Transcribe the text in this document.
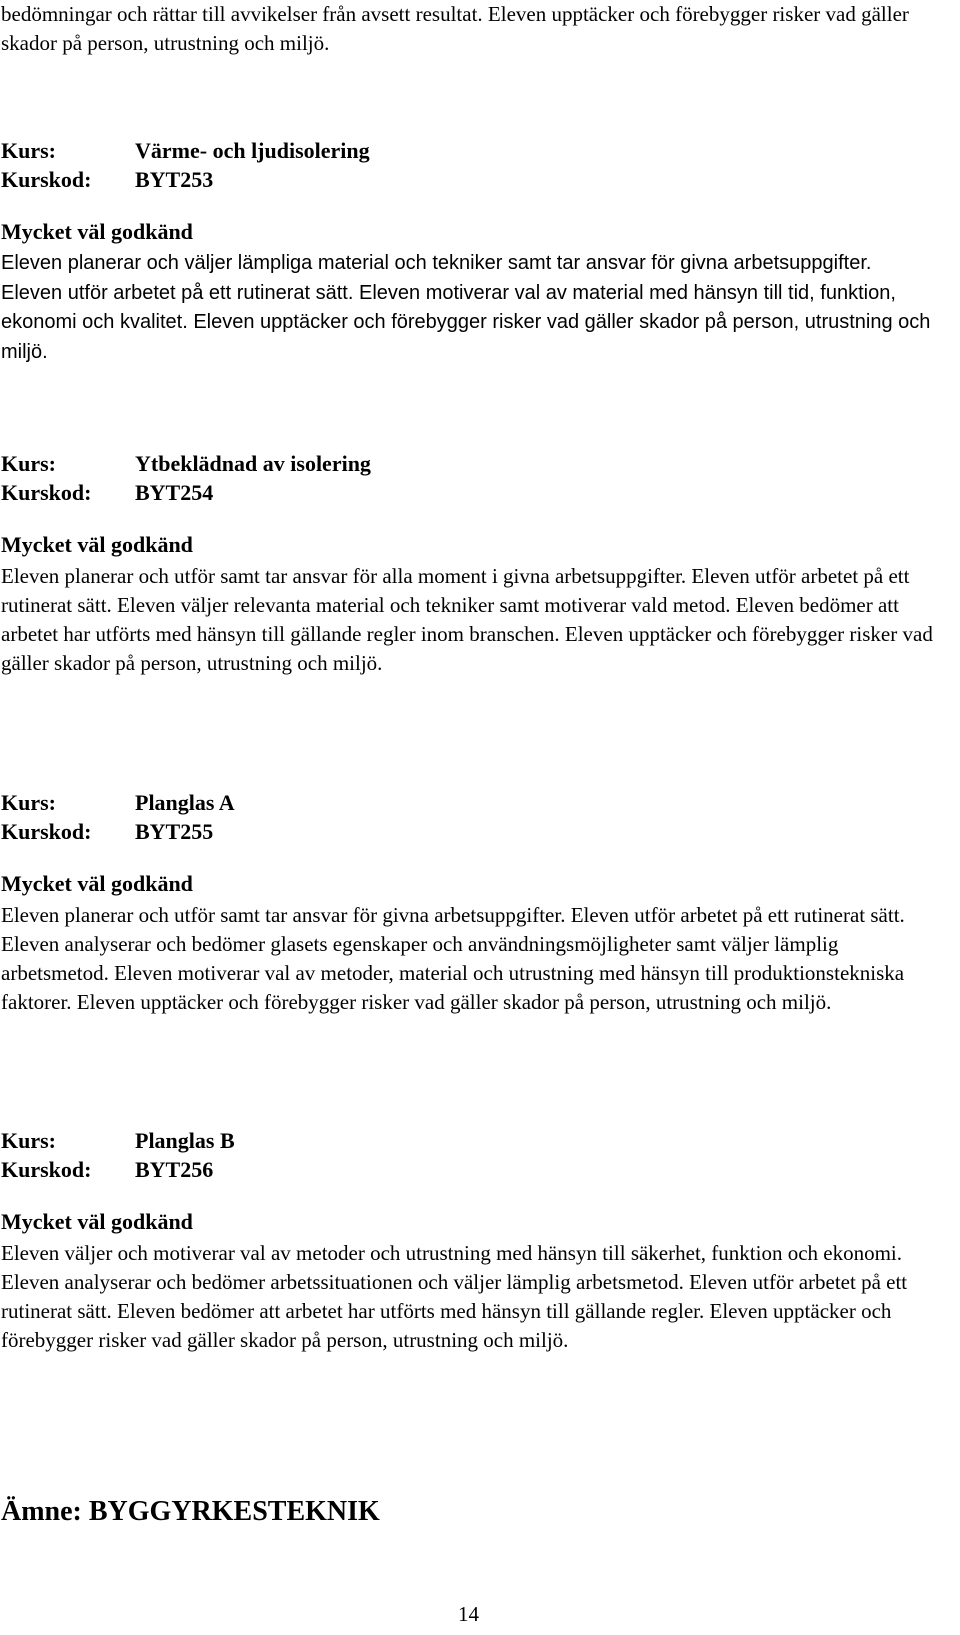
bedömningar och rättar till avvikelser från avsett resultat. Eleven upptäcker och förebygger risker vad gäller skador på person, utrustning och miljö.

Kurs:	Värme- och ljudisolering
Kurskod:	BYT253
Mycket väl godkänd

Eleven planerar och väljer lämpliga material och tekniker samt tar ansvar för givna arbetsuppgifter. Eleven utför arbetet på ett rutinerat sätt. Eleven motiverar val av material med hänsyn till tid, funktion, ekonomi och kvalitet. Eleven upptäcker och förebygger risker vad gäller skador på person, utrustning och miljö.

Kurs:	Ytbeklädnad av isolering
Kurskod:	BYT254
Mycket väl godkänd

Eleven planerar och utför samt tar ansvar för alla moment i givna arbetsuppgifter. Eleven utför arbetet på ett rutinerat sätt. Eleven väljer relevanta material och tekniker samt motiverar vald metod. Eleven bedömer att arbetet har utförts med hänsyn till gällande regler inom branschen. Eleven upptäcker och förebygger risker vad gäller skador på person, utrustning och miljö.

Kurs:	Planglas A
Kurskod:	BYT255
Mycket väl godkänd

Eleven planerar och utför samt tar ansvar för givna arbetsuppgifter. Eleven utför arbetet på ett rutinerat sätt. Eleven analyserar och bedömer glasets egenskaper och användningsmöjligheter samt väljer lämplig arbetsmetod. Eleven motiverar val av metoder, material och utrustning med hänsyn till produktionstekniska faktorer. Eleven upptäcker och förebygger risker vad gäller skador på person, utrustning och miljö.

Kurs:	Planglas B
Kurskod:	BYT256
Mycket väl godkänd

Eleven väljer och motiverar val av metoder och utrustning med hänsyn till säkerhet, funktion och ekonomi. Eleven analyserar och bedömer arbetssituationen och väljer lämplig arbetsmetod. Eleven utför arbetet på ett rutinerat sätt. Eleven bedömer att arbetet har utförts med hänsyn till gällande regler. Eleven upptäcker och förebygger risker vad gäller skador på person, utrustning och miljö.

Ämne: BYGGYRKESTEKNIK
14
